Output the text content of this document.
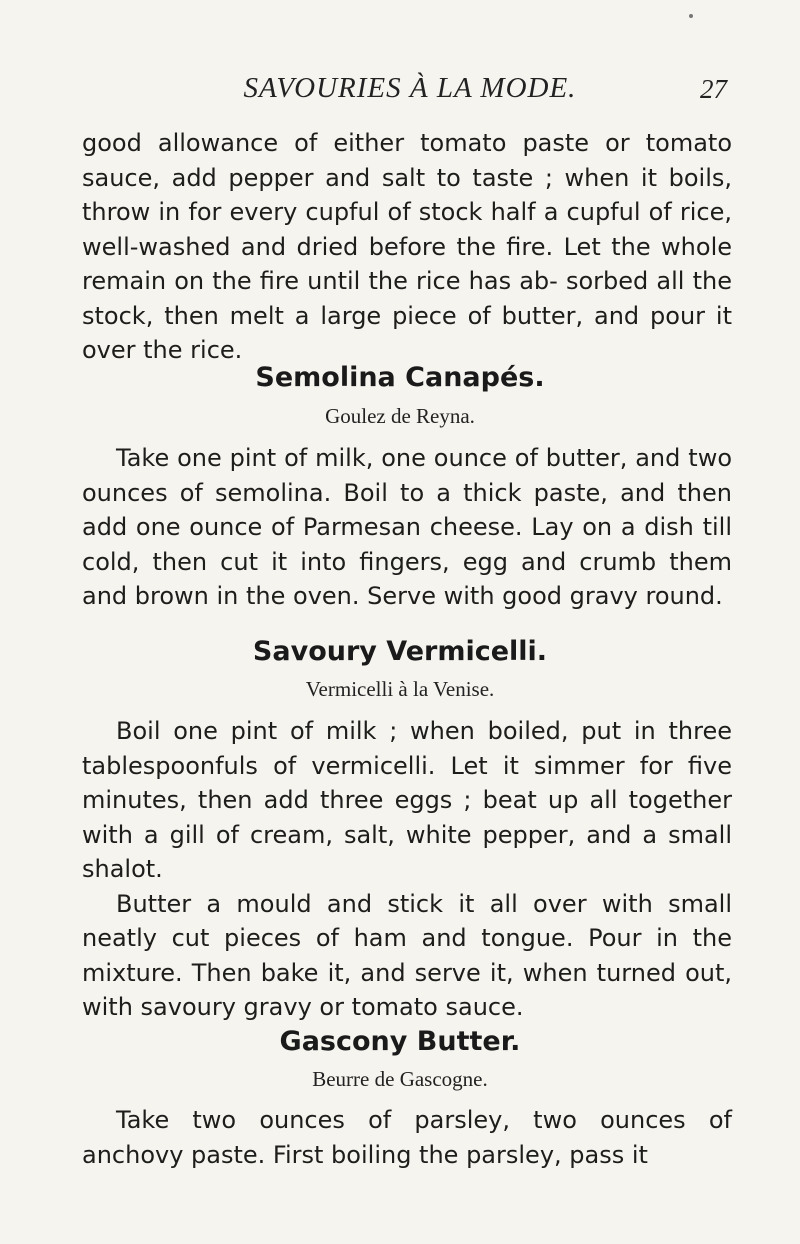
SAVOURIES À LA MODE.	27

good allowance of either tomato paste or tomato sauce, add pepper and salt to taste ; when it boils, throw in for every cupful of stock half a cupful of rice, well-washed and dried before the fire. Let the whole remain on the fire until the rice has ab- sorbed all the stock, then melt a large piece of butter, and pour it over the rice.

Semolina Canapés.
Goulez de Reyna.

Take one pint of milk, one ounce of butter, and two ounces of semolina. Boil to a thick paste, and then add one ounce of Parmesan cheese. Lay on a dish till cold, then cut it into fingers, egg and crumb them and brown in the oven. Serve with good gravy round.

Savoury Vermicelli.
Vermicelli à la Venise.

Boil one pint of milk ; when boiled, put in three tablespoonfuls of vermicelli. Let it simmer for five minutes, then add three eggs ; beat up all together with a gill of cream, salt, white pepper, and a small shalot.

Butter a mould and stick it all over with small neatly cut pieces of ham and tongue. Pour in the mixture. Then bake it, and serve it, when turned out, with savoury gravy or tomato sauce.

Gascony Butter.
Beurre de Gascogne.

Take two ounces of parsley, two ounces of anchovy paste. First boiling the parsley, pass it
